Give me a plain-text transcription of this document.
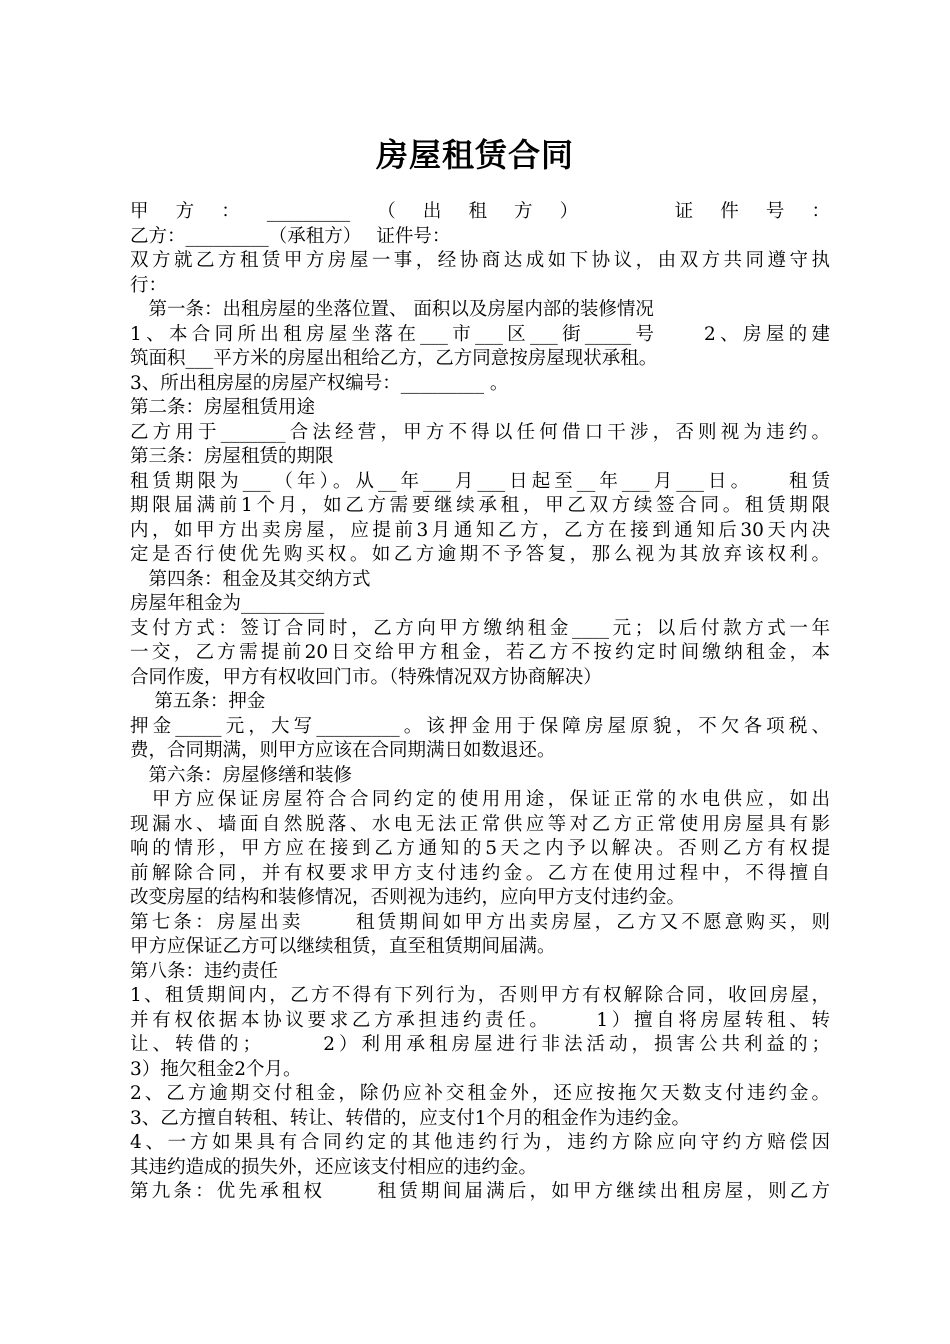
房屋租赁合同
甲方：_________（出租方）　 证件号：
乙方：_________（承租方）　 证件号：
双方就乙方租赁甲方房屋一事，经协商达成如下协议，由双方共同遵守执
行：
　第一条：出租房屋的坐落位置、 面积以及房屋内部的装修情况
1、本合同所出租房屋坐落在___市___区___街_____号　　2、房屋的建
筑面积___平方米的房屋出租给乙方，乙方同意按房屋现状承租。
3、所出租房屋的房屋产权编号：_________ 。
第二条：房屋租赁用途
乙方用于_______合法经营，甲方不得以任何借口干涉，否则视为违约。
第三条：房屋租赁的期限
租赁期限为___（年）。从__年___月___日起至__年___月___日。　　租赁
期限届满前1个月，如乙方需要继续承租，甲乙双方续签合同。租赁期限
内，如甲方出卖房屋，应提前3月通知乙方，乙方在接到通知后30天内决
定是否行使优先购买权。如乙方逾期不予答复，那么视为其放弃该权利。
　第四条：租金及其交纳方式
房屋年租金为_________
支付方式：签订合同时，乙方向甲方缴纳租金____元；以后付款方式一年
一交，乙方需提前20日交给甲方租金，若乙方不按约定时间缴纳租金，本
合同作废，甲方有权收回门市。（特殊情况双方协商解决）
　 第五条：押金
押金_____元，大写_________。该押金用于保障房屋原貌，不欠各项税、
费，合同期满，则甲方应该在合同期满日如数退还。
　第六条：房屋修缮和装修
　甲方应保证房屋符合合同约定的使用用途，保证正常的水电供应，如出
现漏水、墙面自然脱落、水电无法正常供应等对乙方正常使用房屋具有影
响的情形，甲方应在接到乙方通知的5天之内予以解决。否则乙方有权提
前解除合同，并有权要求甲方支付违约金。乙方在使用过程中，不得擅自
改变房屋的结构和装修情况，否则视为违约，应向甲方支付违约金。
第七条：房屋出卖　　 租赁期间如甲方出卖房屋，乙方又不愿意购买，则
甲方应保证乙方可以继续租赁，直至租赁期间届满。
第八条：违约责任
1、租赁期间内，乙方不得有下列行为，否则甲方有权解除合同，收回房屋，
并有权依据本协议要求乙方承担违约责任。　　 1）擅自将房屋转租、转
让、转借的；　　　2）利用承租房屋进行非法活动，损害公共利益的；
3）拖欠租金2个月。
2、乙方逾期交付租金，除仍应补交租金外，还应按拖欠天数支付违约金。
3、乙方擅自转租、转让、转借的，应支付1个月的租金作为违约金。
4、一方如果具有合同约定的其他违约行为，违约方除应向守约方赔偿因
其违约造成的损失外，还应该支付相应的违约金。
第九条：优先承租权　　 租赁期间届满后，如甲方继续出租房屋，则乙方
